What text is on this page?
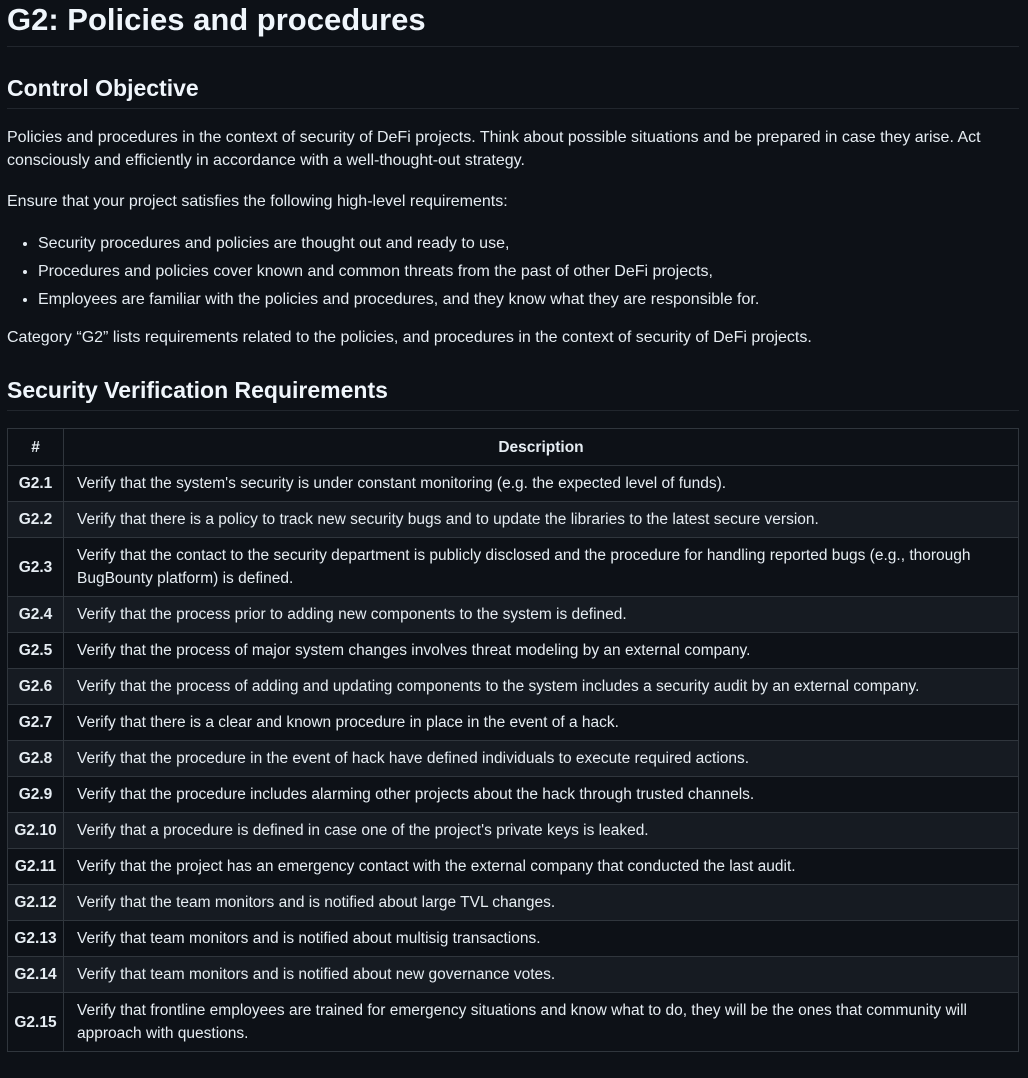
G2: Policies and procedures
Control Objective

Policies and procedures in the context of security of DeFi projects. Think about possible situations and be prepared in case they arise. Act consciously and efficiently in accordance with a well-thought-out strategy.

Ensure that your project satisfies the following high-level requirements:

• Security procedures and policies are thought out and ready to use,
• Procedures and policies cover known and common threats from the past of other DeFi projects,
• Employees are familiar with the policies and procedures, and they know what they are responsible for.

Category “G2” lists requirements related to the policies, and procedures in the context of security of DeFi projects.

Security Verification Requirements
#	Description
G2.1	Verify that the system's security is under constant monitoring (e.g. the expected level of funds).
G2.2	Verify that there is a policy to track new security bugs and to update the libraries to the latest secure version.
G2.3	Verify that the contact to the security department is publicly disclosed and the procedure for handling reported bugs (e.g., thorough BugBounty platform) is defined.
G2.4	Verify that the process prior to adding new components to the system is defined.
G2.5	Verify that the process of major system changes involves threat modeling by an external company.
G2.6	Verify that the process of adding and updating components to the system includes a security audit by an external company.
G2.7	Verify that there is a clear and known procedure in place in the event of a hack.
G2.8	Verify that the procedure in the event of hack have defined individuals to execute required actions.
G2.9	Verify that the procedure includes alarming other projects about the hack through trusted channels.
G2.10	Verify that a procedure is defined in case one of the project's private keys is leaked.
G2.11	Verify that the project has an emergency contact with the external company that conducted the last audit.
G2.12	Verify that the team monitors and is notified about large TVL changes.
G2.13	Verify that team monitors and is notified about multisig transactions.
G2.14	Verify that team monitors and is notified about new governance votes.
G2.15	Verify that frontline employees are trained for emergency situations and know what to do, they will be the ones that community will approach with questions.
